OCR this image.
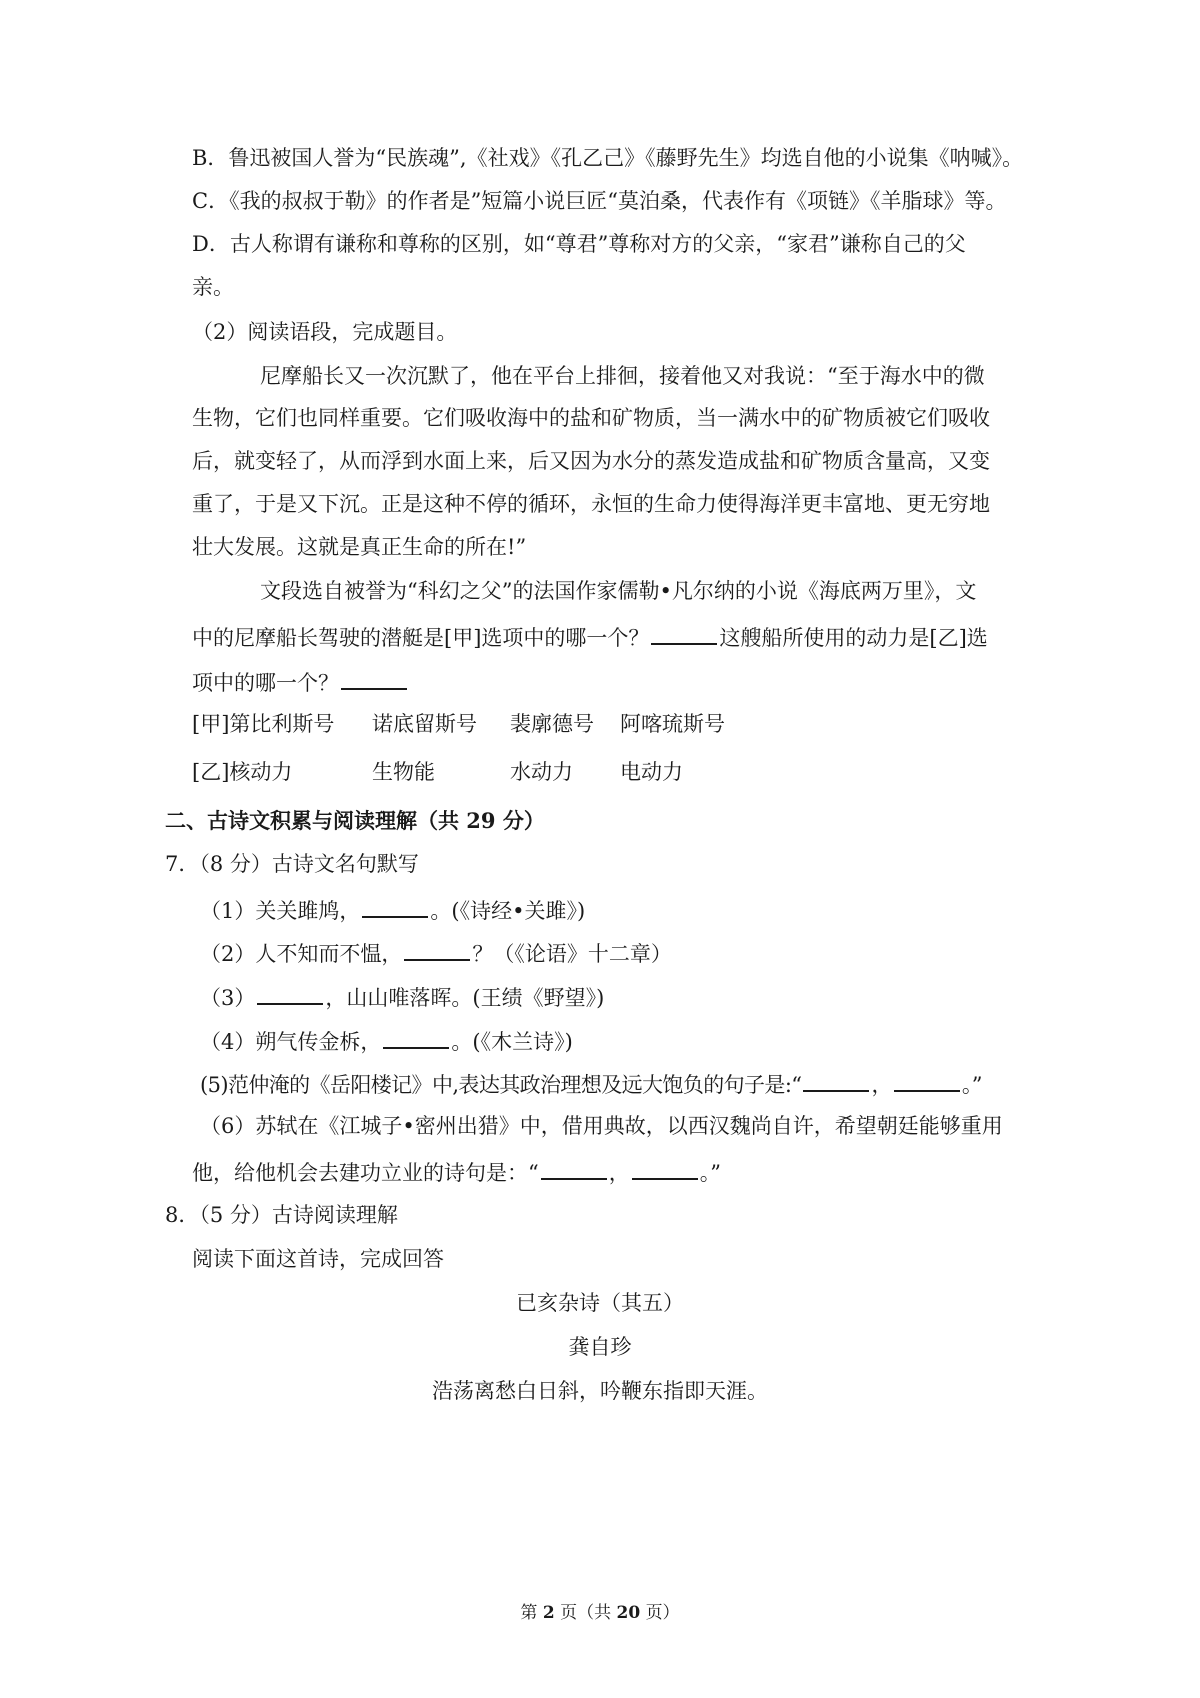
B．鲁迅被国人誉为“民族魂”,《社戏》《孔乙己》《藤野先生》均选自他的小说集《呐喊》。
C．《我的叔叔于勒》的作者是”短篇小说巨匠“莫泊桑，代表作有《项链》《羊脂球》等。
D．古人称谓有谦称和尊称的区别，如“尊君”尊称对方的父亲，“家君”谦称自己的父
亲。
（2）阅读语段，完成题目。
尼摩船长又一次沉默了，他在平台上排徊，接着他又对我说：“至于海水中的微
生物，它们也同样重要。它们吸收海中的盐和矿物质，当一满水中的矿物质被它们吸收
后，就变轻了，从而浮到水面上来，后又因为水分的蒸发造成盐和矿物质含量高，又变
重了，于是又下沉。正是这种不停的循环，永恒的生命力使得海洋更丰富地、更无穷地
壮大发展。这就是真正生命的所在!”
文段选自被誉为“科幻之父”的法国作家儒勒•凡尔纳的小说《海底两万里》，文
中的尼摩船长驾驶的潜艇是[甲]选项中的哪一个？	这艘船所使用的动力是[乙]选
项中的哪一个？
[甲]第比利斯号 诺底留斯号 裴廓德号 阿喀琉斯号
[乙]核动力	生物能	水动力 电动力
二、古诗文积累与阅读理解（共 29 分）
7．（8 分）古诗文名句默写
（1）关关雎鸠，	。(《诗经•关雎》)
（2）人不知而不愠，	？（《论语》十二章）
（3）	，山山唯落晖。(王绩《野望》)
（4）朔气传金柝，	。(《木兰诗》)
(5)范仲淹的《岳阳楼记》中,表达其政治理想及远大饱负的句子是:“	，	。”
（6）苏轼在《江城子•密州出猎》中，借用典故，以西汉魏尚自许，希望朝廷能够重用
他，给他机会去建功立业的诗句是：“	，	。”
8．（5 分）古诗阅读理解
阅读下面这首诗，完成回答
已亥杂诗（其五）
龚自珍
浩荡离愁白日斜，吟鞭东指即天涯。
第 2 页（共 20 页）
